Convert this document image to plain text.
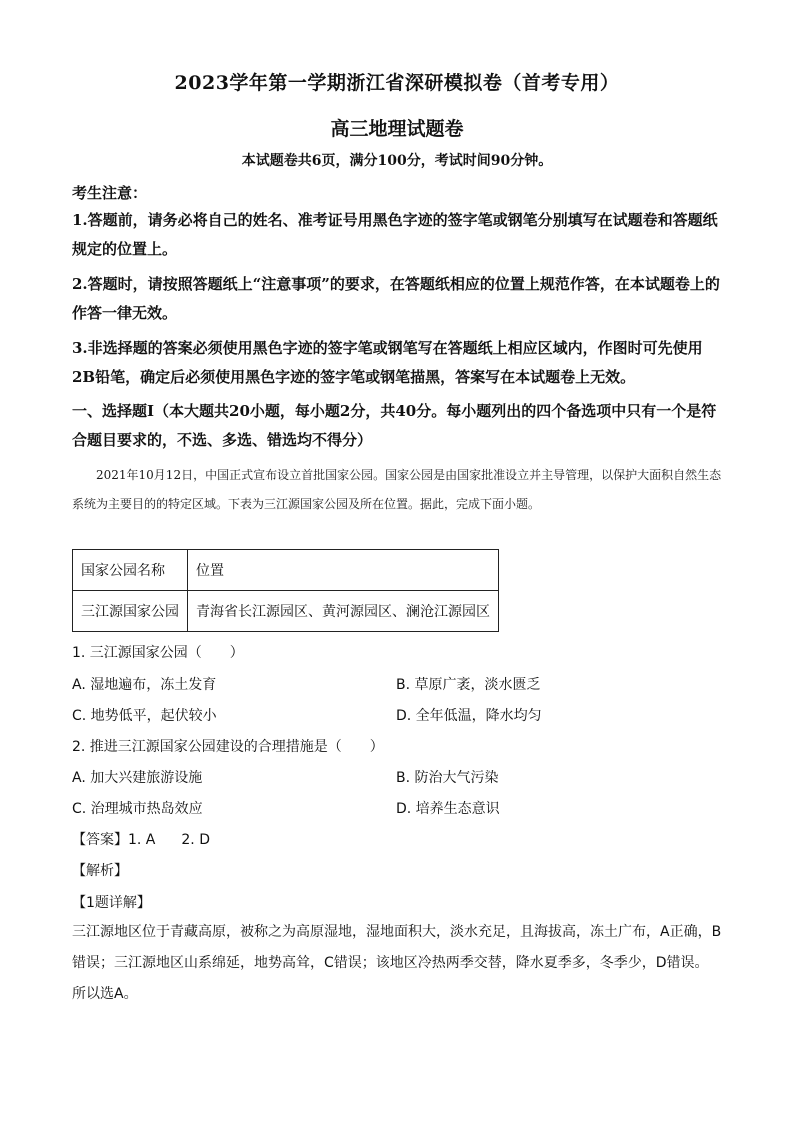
2023学年第一学期浙江省深研模拟卷（首考专用）
高三地理试题卷
本试题卷共6页，满分100分，考试时间90分钟。
考生注意：
1.答题前，请务必将自己的姓名、准考证号用黑色字迹的签字笔或钢笔分别填写在试题卷和答题纸规定的位置上。
2.答题时，请按照答题纸上“注意事项”的要求，在答题纸相应的位置上规范作答，在本试题卷上的作答一律无效。
3.非选择题的答案必须使用黑色字迹的签字笔或钢笔写在答题纸上相应区域内，作图时可先使用2B铅笔，确定后必须使用黑色字迹的签字笔或钢笔描黑，答案写在本试题卷上无效。
一、选择题Ⅰ（本大题共20小题，每小题2分，共40分。每小题列出的四个备选项中只有一个是符合题目要求的，不选、多选、错选均不得分）
2021年10月12日，中国正式宣布设立首批国家公园。国家公园是由国家批准设立并主导管理，以保护大面积自然生态系统为主要目的的特定区域。下表为三江源国家公园及所在位置。据此，完成下面小题。
国家公园名称	位置
三江源国家公园	青海省长江源园区、黄河源园区、澜沧江源园区
1. 三江源国家公园（　　）
A. 湿地遍布，冻土发育	B. 草原广袤，淡水匮乏
C. 地势低平，起伏较小	D. 全年低温，降水均匀
2. 推进三江源国家公园建设的合理措施是（　　）
A. 加大兴建旅游设施	B. 防治大气污染
C. 治理城市热岛效应	D. 培养生态意识
【答案】1. A 2. D
【解析】
【1题详解】
三江源地区位于青藏高原，被称之为高原湿地，湿地面积大，淡水充足，且海拔高，冻土广布，A正确，B错误；三江源地区山系绵延，地势高耸，C错误；该地区冷热两季交替，降水夏季多，冬季少，D错误。所以选A。
